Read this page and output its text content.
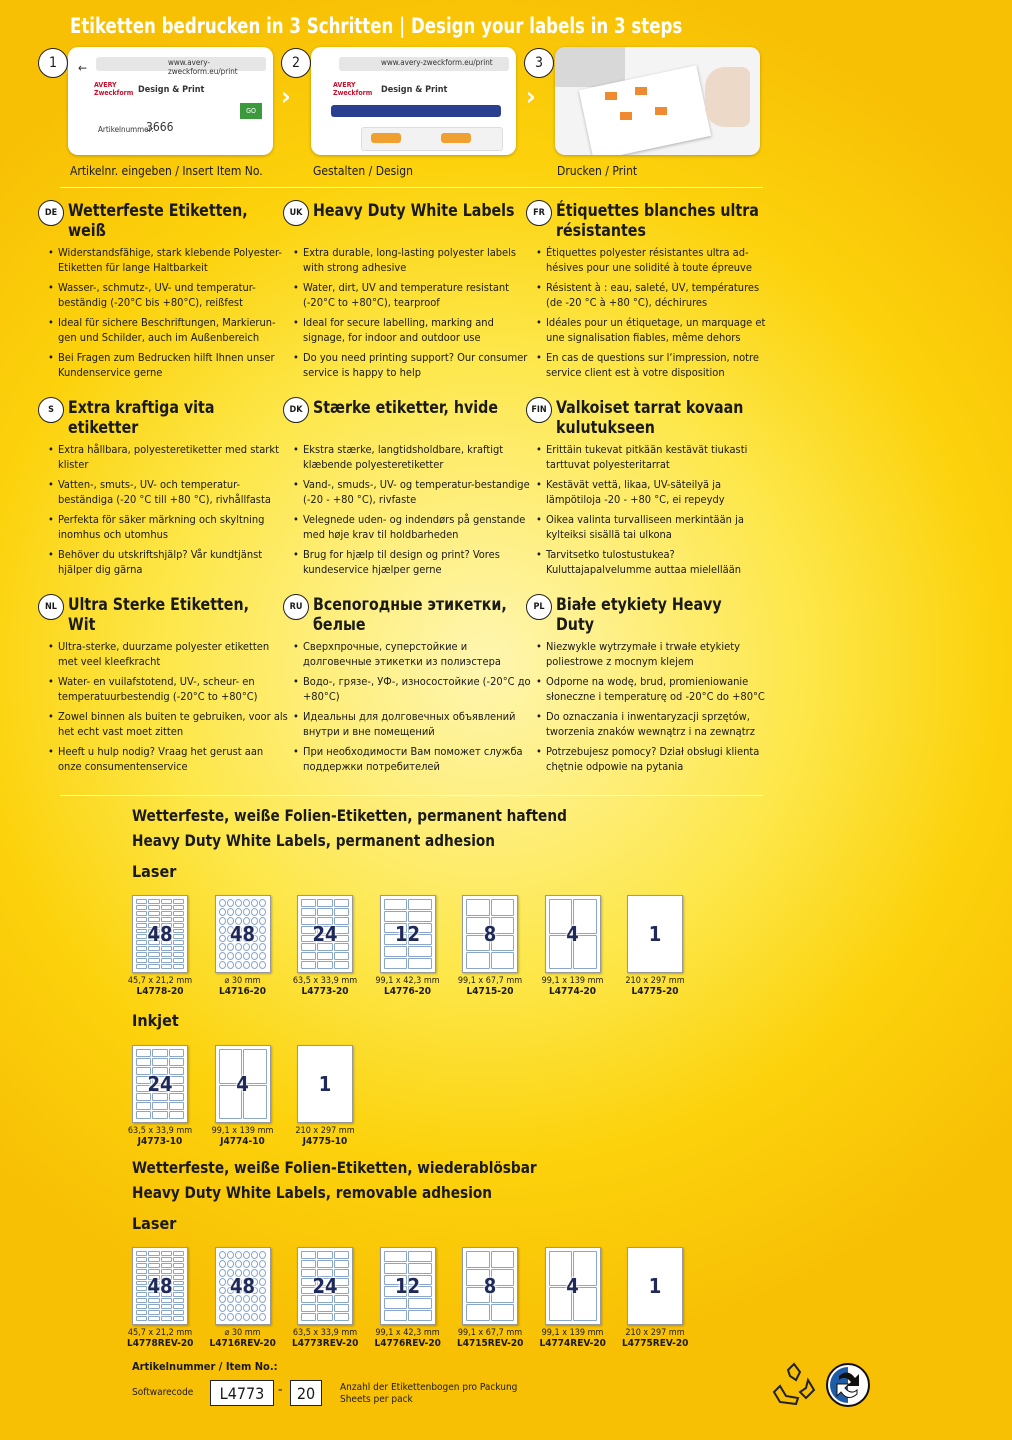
Etiketten bedrucken in 3 Schritten | Design your labels in 3 steps
1	←	www.avery-zweckform.eu/print
AVERY Zweckform Design & Print
Artikelnummer:
3666
GO ›
2	www.avery-zweckform.eu/print
AVERY Zweckform Design & Print	›
3
Artikelnr. eingeben / Insert Item No.	Gestalten / Design	Drucken / Print
DE Wetterfeste Etiketten, weiß
• Widerstandsfähige, stark klebende Polyester-Etiketten für lange Haltbarkeit
• Wasser-, schmutz-, UV- und temperatur-beständig (-20°C bis +80°C), reißfest
• Ideal für sichere Beschriftungen, Markierun-gen und Schilder, auch im Außenbereich
• Bei Fragen zum Bedrucken hilft Ihnen unser Kundenservice gerne
UK Heavy Duty White Labels
• Extra durable, long-lasting polyester labels with strong adhesive
• Water, dirt, UV and temperature resistant (-20°C to +80°C), tearproof
• Ideal for secure labelling, marking and signage, for indoor and outdoor use
• Do you need printing support? Our consumer service is happy to help
FR Étiquettes blanches ultra résistantes
• Étiquettes polyester résistantes ultra ad-hésives pour une solidité à toute épreuve
• Résistent à : eau, saleté, UV, températures (de -20 °C à +80 °C), déchirures
• Idéales pour un étiquetage, un marquage et une signalisation fiables, même dehors
• En cas de questions sur l‘impression, notre service client est à votre disposition
S Extra kraftiga vita etiketter
• Extra hållbara, polyesteretiketter med starkt klister
• Vatten-, smuts-, UV- och temperatur-beständiga (-20 °C till +80 °C), rivhållfasta
• Perfekta för säker märkning och skyltning inomhus och utomhus
• Behöver du utskriftshjälp? Vår kundtjänst hjälper dig gärna
DK Stærke etiketter, hvide
• Ekstra stærke, langtidsholdbare, kraftigt klæbende polyesteretiketter
• Vand-, smuds-, UV- og temperatur-bestandige (-20 - +80 °C), rivfaste
• Velegnede uden- og indendørs på genstande med høje krav til holdbarheden
• Brug for hjælp til design og print? Vores kundeservice hjælper gerne
FIN Valkoiset tarrat kovaan kulutukseen
• Erittäin tukevat pitkään kestävät tiukasti tarttuvat polyesteritarrat
• Kestävät vettä, likaa, UV-säteilyä ja lämpötiloja -20 - +80 °C, ei repeydy
• Oikea valinta turvalliseen merkintään ja kylteiksi sisällä tai ulkona
• Tarvitsetko tulostustukea? Kuluttajapalvelumme auttaa mielellään
NL Ultra Sterke Etiketten, Wit
• Ultra-sterke, duurzame polyester etiketten met veel kleefkracht
• Water- en vuilafstotend, UV-, scheur- en temperatuurbestendig (-20°C to +80°C)
• Zowel binnen als buiten te gebruiken, voor als het echt vast moet zitten
• Heeft u hulp nodig? Vraag het gerust aan onze consumentenservice
RU Всепогодные этикетки, белые
• Сверхпрочные, суперстойкие и долговечные этикетки из полиэстера
• Водо-, грязе-, УФ-, износостойкие (-20°C до +80°C)
• Идеальны для долговечных объявлений внутри и вне помещений
• При необходимости Вам поможет служба поддержки потребителей
PL Białe etykiety Heavy Duty
• Niezwykle wytrzymałe i trwałe etykiety poliestrowe z mocnym klejem
• Odporne na wodę, brud, promieniowanie słoneczne i temperaturę od -20°C do +80°C
• Do oznaczania i inwentaryzacji sprzętów, tworzenia znaków wewnątrz i na zewnątrz
• Potrzebujesz pomocy? Dział obsługi klienta chętnie odpowie na pytania
Wetterfeste, weiße Folien-Etiketten, permanent haftend
Heavy Duty White Labels, permanent adhesion
Laser
48
45,7 x 21,2 mm
L4778-20
48
⌀ 30 mm
L4716-20
24
63,5 x 33,9 mm
L4773-20
12
99,1 x 42,3 mm
L4776-20
8
99,1 x 67,7 mm
L4715-20
4
99,1 x 139 mm
L4774-20
1
210 x 297 mm
L4775-20
Inkjet
24
63,5 x 33,9 mm
J4773-10
4
99,1 x 139 mm
J4774-10
1
210 x 297 mm
J4775-10
Wetterfeste, weiße Folien-Etiketten, wiederablösbar
Heavy Duty White Labels, removable adhesion
Laser
48
45,7 x 21,2 mm
L4778REV-20
48
⌀ 30 mm
L4716REV-20
24
63,5 x 33,9 mm
L4773REV-20
12
99,1 x 42,3 mm
L4776REV-20
8
99,1 x 67,7 mm
L4715REV-20
4
99,1 x 139 mm
L4774REV-20
1
210 x 297 mm
L4775REV-20
Artikelnummer / Item No.:
Softwarecode	L4773 - 20	Anzahl der Etikettenbogen pro Packung
Sheets per pack
